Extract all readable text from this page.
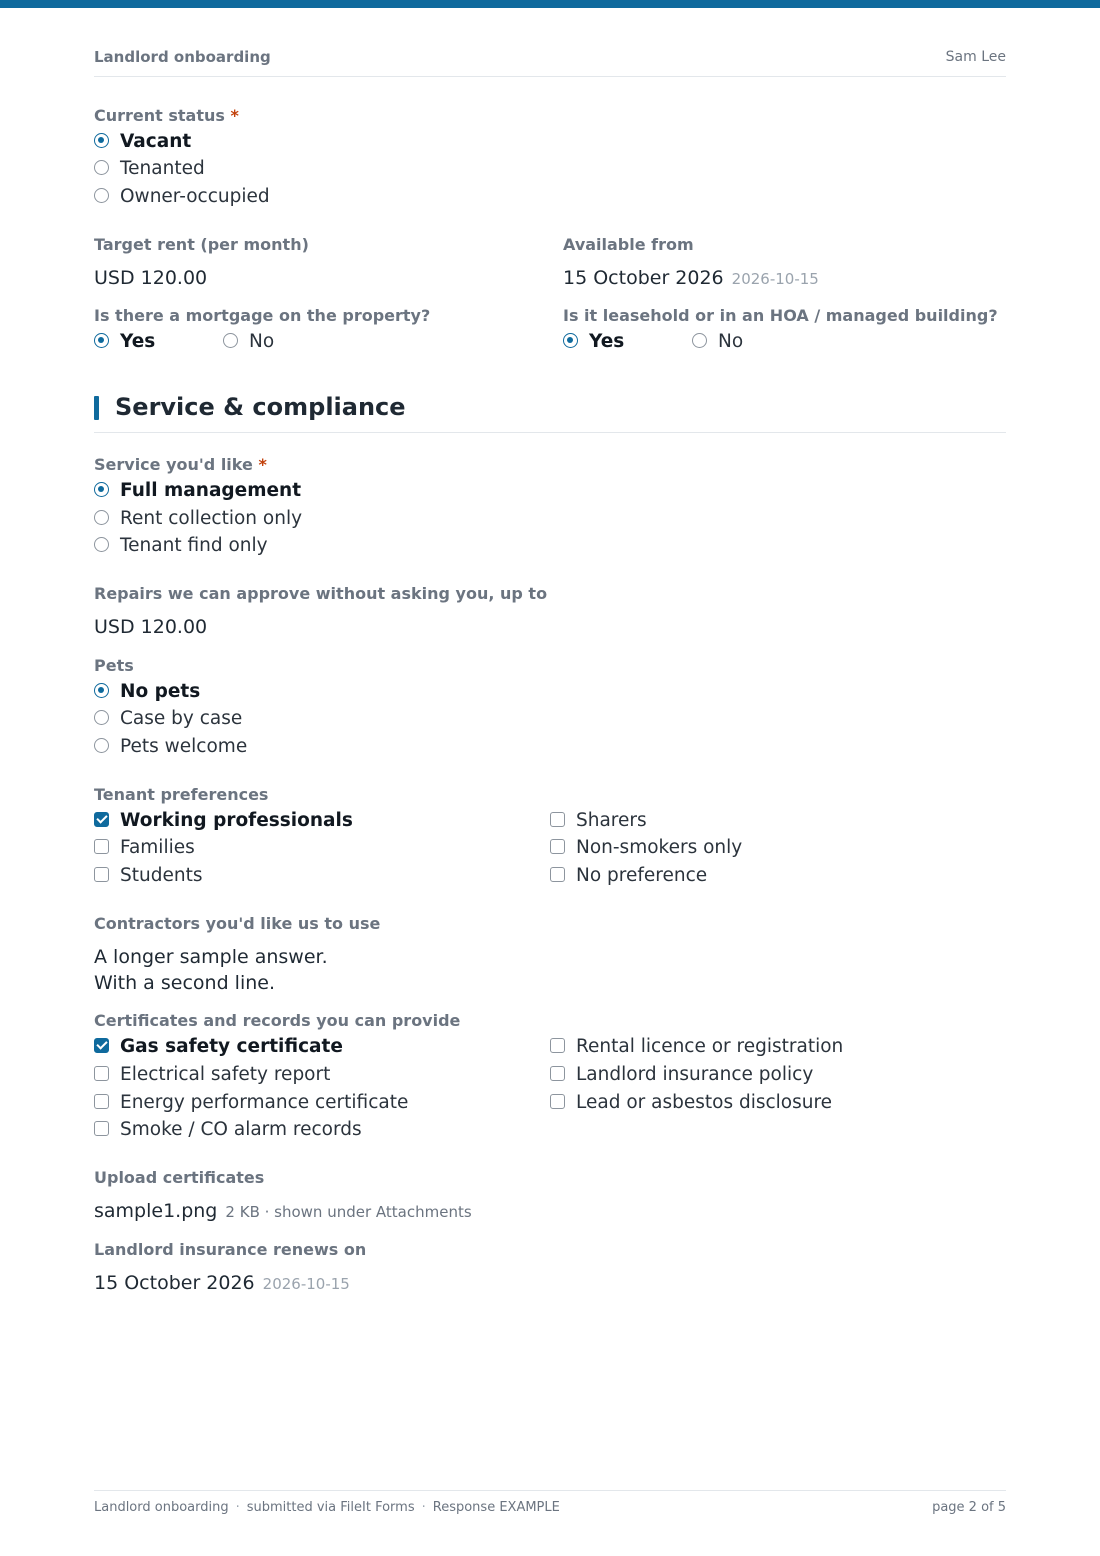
Landlord onboarding	Sam Lee
Current status *
Vacant
Tenanted
Owner-occupied
Target rent (per month)
USD 120.00
Available from
15 October 2026 2026-10-15
Is there a mortgage on the property?
Yes	No
Is it leasehold or in an HOA / managed building?
Yes	No
Service & compliance
Service you'd like *
Full management
Rent collection only
Tenant find only
Repairs we can approve without asking you, up to
USD 120.00
Pets
No pets
Case by case
Pets welcome
Tenant preferences
Working professionals
Families
Students
Sharers
Non-smokers only
No preference
Contractors you'd like us to use
A longer sample answer.
With a second line.
Certificates and records you can provide
Gas safety certificate
Electrical safety report
Energy performance certificate
Smoke / CO alarm records
Rental licence or registration
Landlord insurance policy
Lead or asbestos disclosure
Upload certificates
sample1.png 2 KB · shown under Attachments
Landlord insurance renews on
15 October 2026 2026-10-15
Landlord onboarding · submitted via FileIt Forms · Response EXAMPLE	page 2 of 5
